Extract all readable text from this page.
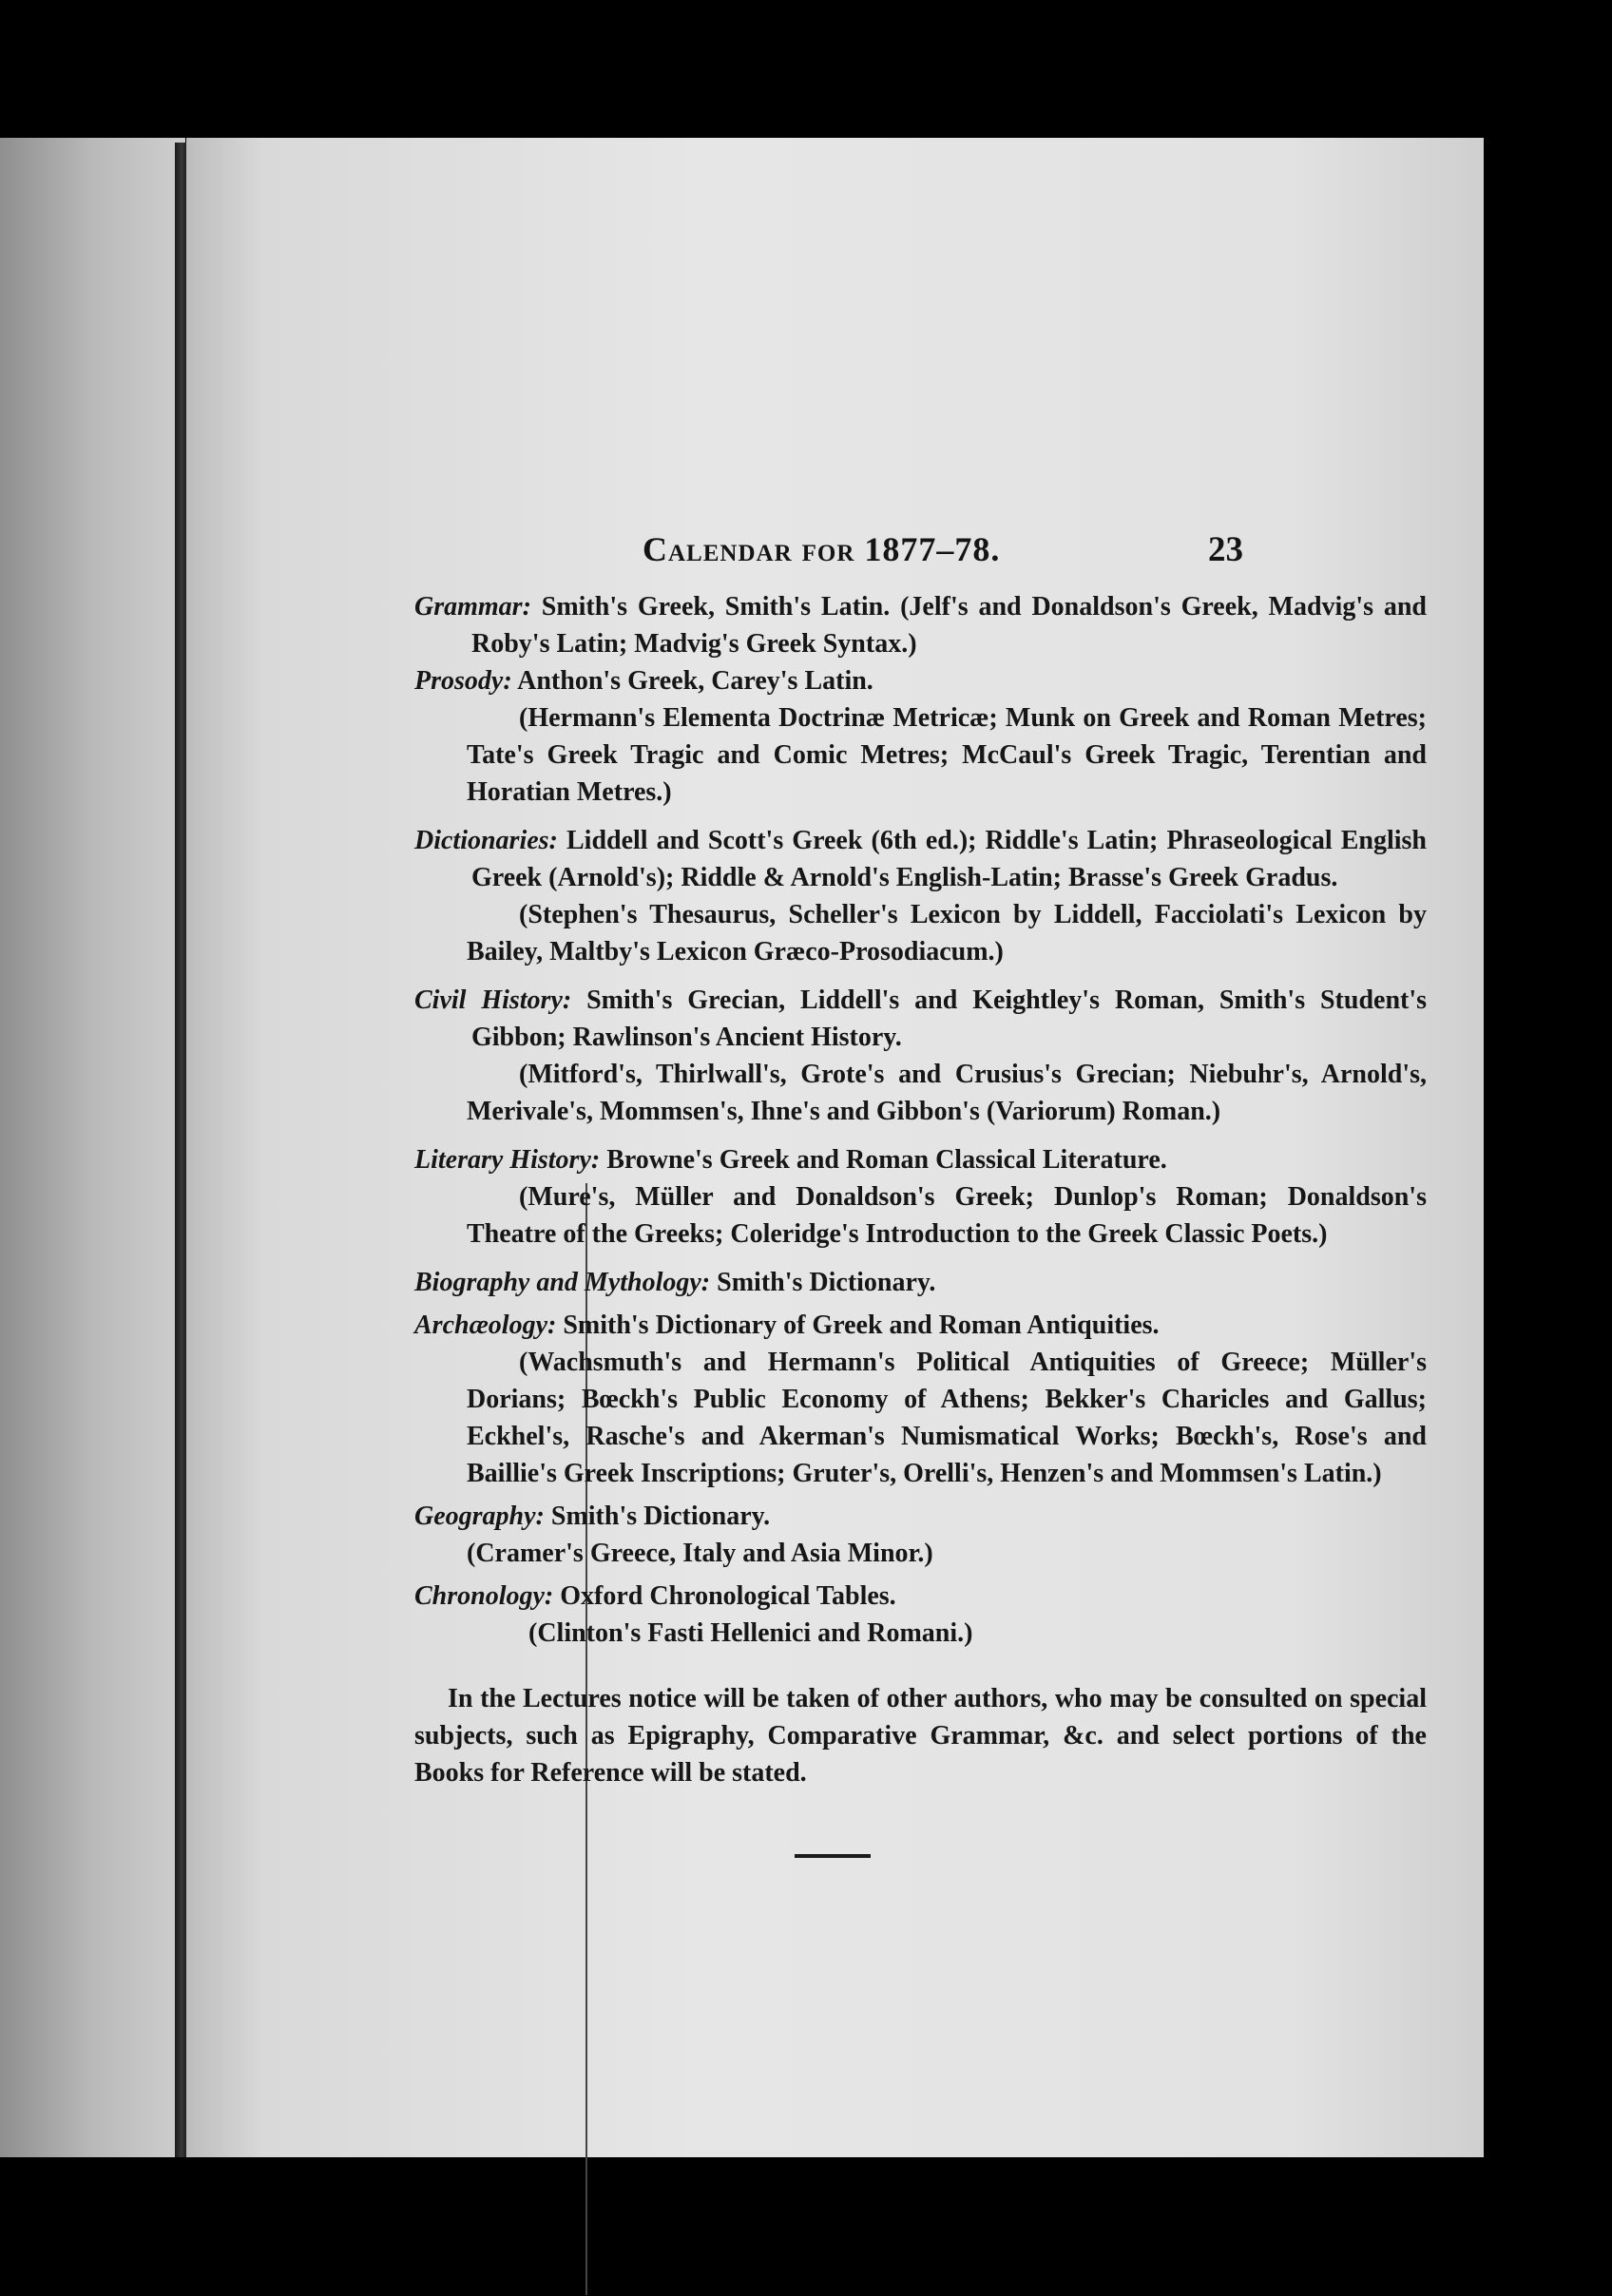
Calendar for 1877–78.	23

Grammar: Smith's Greek, Smith's Latin. (Jelf's and Donaldson's Greek, Madvig's and Roby's Latin; Madvig's Greek Syntax.)

Prosody: Anthon's Greek, Carey's Latin.

(Hermann's Elementa Doctrinæ Metricæ; Munk on Greek and Roman Metres; Tate's Greek Tragic and Comic Metres; McCaul's Greek Tragic, Terentian and Horatian Metres.)

Dictionaries: Liddell and Scott's Greek (6th ed.); Riddle's Latin; Phraseological English Greek (Arnold's); Riddle & Arnold's English-Latin; Brasse's Greek Gradus.

(Stephen's Thesaurus, Scheller's Lexicon by Liddell, Facciolati's Lexicon by Bailey, Maltby's Lexicon Græco-Prosodiacum.)

Civil History: Smith's Grecian, Liddell's and Keightley's Roman, Smith's Student's Gibbon; Rawlinson's Ancient History.

(Mitford's, Thirlwall's, Grote's and Crusius's Grecian; Niebuhr's, Arnold's, Merivale's, Mommsen's, Ihne's and Gibbon's (Variorum) Roman.)

Literary History: Browne's Greek and Roman Classical Literature.

(Mure's, Müller and Donaldson's Greek; Dunlop's Roman; Donaldson's Theatre of the Greeks; Coleridge's Introduction to the Greek Classic Poets.)

Biography and Mythology: Smith's Dictionary.

Archæology: Smith's Dictionary of Greek and Roman Antiquities.

(Wachsmuth's and Hermann's Political Antiquities of Greece; Müller's Dorians; Bœckh's Public Economy of Athens; Bekker's Charicles and Gallus; Eckhel's, Rasche's and Akerman's Numismatical Works; Bœckh's, Rose's and Baillie's Greek Inscriptions; Gruter's, Orelli's, Henzen's and Mommsen's Latin.)

Geography: Smith's Dictionary.

(Cramer's Greece, Italy and Asia Minor.)

Chronology: Oxford Chronological Tables.

(Clinton's Fasti Hellenici and Romani.)

In the Lectures notice will be taken of other authors, who may be consulted on special subjects, such as Epigraphy, Comparative Grammar, &c. and select portions of the Books for Reference will be stated.
